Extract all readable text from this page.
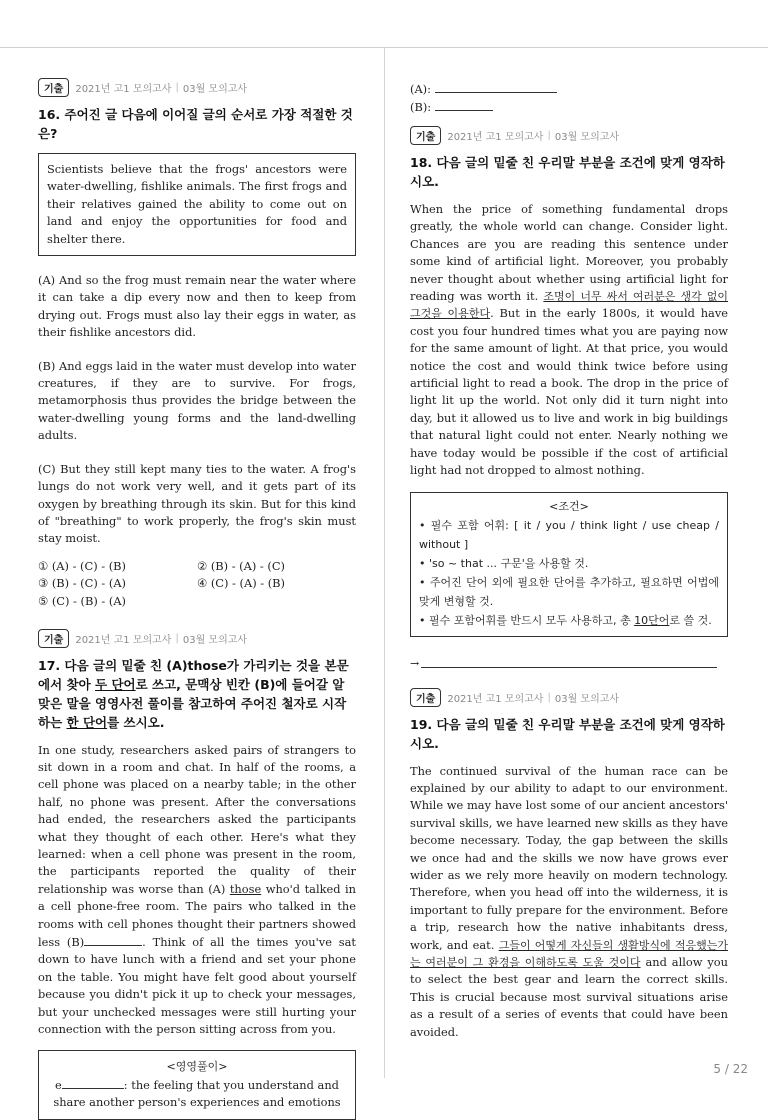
기출	2021년 고1 모의고사 | 03월 모의고사
16. 주어진 글 다음에 이어질 글의 순서로 가장 적절한 것은?
Scientists believe that the frogs' ancestors were water-dwelling, fishlike animals. The first frogs and their relatives gained the ability to come out on land and enjoy the opportunities for food and shelter there.

(A) And so the frog must remain near the water where it can take a dip every now and then to keep from drying out. Frogs must also lay their eggs in water, as their fishlike ancestors did.

(B) And eggs laid in the water must develop into water creatures, if they are to survive. For frogs, metamorphosis thus provides the bridge between the water-dwelling young forms and the land-dwelling adults.

(C) But they still kept many ties to the water. A frog's lungs do not work very well, and it gets part of its oxygen by breathing through its skin. But for this kind of "breathing" to work properly, the frog's skin must stay moist.

① (A) - (C) - (B)	② (B) - (A) - (C)
③ (B) - (C) - (A)	④ (C) - (A) - (B)
⑤ (C) - (B) - (A)
기출	2021년 고1 모의고사 | 03월 모의고사
17. 다음 글의 밑줄 친 (A)those가 가리키는 것을 본문에서 찾아 두 단어로 쓰고, 문맥상 빈칸 (B)에 들어갈 알맞은 말을 영영사전 풀이를 참고하여 주어진 철자로 시작하는 한 단어를 쓰시오.

In one study, researchers asked pairs of strangers to sit down in a room and chat. In half of the rooms, a cell phone was placed on a nearby table; in the other half, no phone was present. After the conversations had ended, the researchers asked the participants what they thought of each other. Here's what they learned: when a cell phone was present in the room, the participants reported the quality of their relationship was worse than (A) those who'd talked in a cell phone-free room. The pairs who talked in the rooms with cell phones thought their partners showed less (B)	. Think of all the times you've sat down to have lunch with a friend and set your phone on the table. You might have felt good about yourself because you didn't pick it up to check your messages, but your unchecked messages were still hurting your connection with the person sitting across from you.

<영영풀이>
e	: the feeling that you understand and share another person's experiences and emotions
(A):
(B):
기출	2021년 고1 모의고사 | 03월 모의고사
18. 다음 글의 밑줄 친 우리말 부분을 조건에 맞게 영작하시오.

When the price of something fundamental drops greatly, the whole world can change. Consider light. Chances are you are reading this sentence under some kind of artificial light. Moreover, you probably never thought about whether using artificial light for reading was worth it. 조명이 너무 싸서 여러분은 생각 없이 그것을 이용한다. But in the early 1800s, it would have cost you four hundred times what you are paying now for the same amount of light. At that price, you would notice the cost and would think twice before using artificial light to read a book. The drop in the price of light lit up the world. Not only did it turn night into day, but it allowed us to live and work in big buildings that natural light could not enter. Nearly nothing we have today would be possible if the cost of artificial light had not dropped to almost nothing.

<조건>
• 필수 포함 어휘: [ it / you / think light / use cheap / without ]
• 'so ~ that ... 구문'을 사용할 것.
• 주어진 단어 외에 필요한 단어를 추가하고, 필요하면 어법에 맞게 변형할 것.
• 필수 포함어휘를 반드시 모두 사용하고, 총 10단어로 쓸 것.
→
기출	2021년 고1 모의고사 | 03월 모의고사
19. 다음 글의 밑줄 친 우리말 부분을 조건에 맞게 영작하시오.

The continued survival of the human race can be explained by our ability to adapt to our environment. While we may have lost some of our ancient ancestors' survival skills, we have learned new skills as they have become necessary. Today, the gap between the skills we once had and the skills we now have grows ever wider as we rely more heavily on modern technology. Therefore, when you head off into the wilderness, it is important to fully prepare for the environment. Before a trip, research how the native inhabitants dress, work, and eat. 그들이 어떻게 자신들의 생활방식에 적응했는가는 여러분이 그 환경을 이해하도록 도울 것이다 and allow you to select the best gear and learn the correct skills. This is crucial because most survival situations arise as a result of a series of events that could have been avoided.

5 / 22
